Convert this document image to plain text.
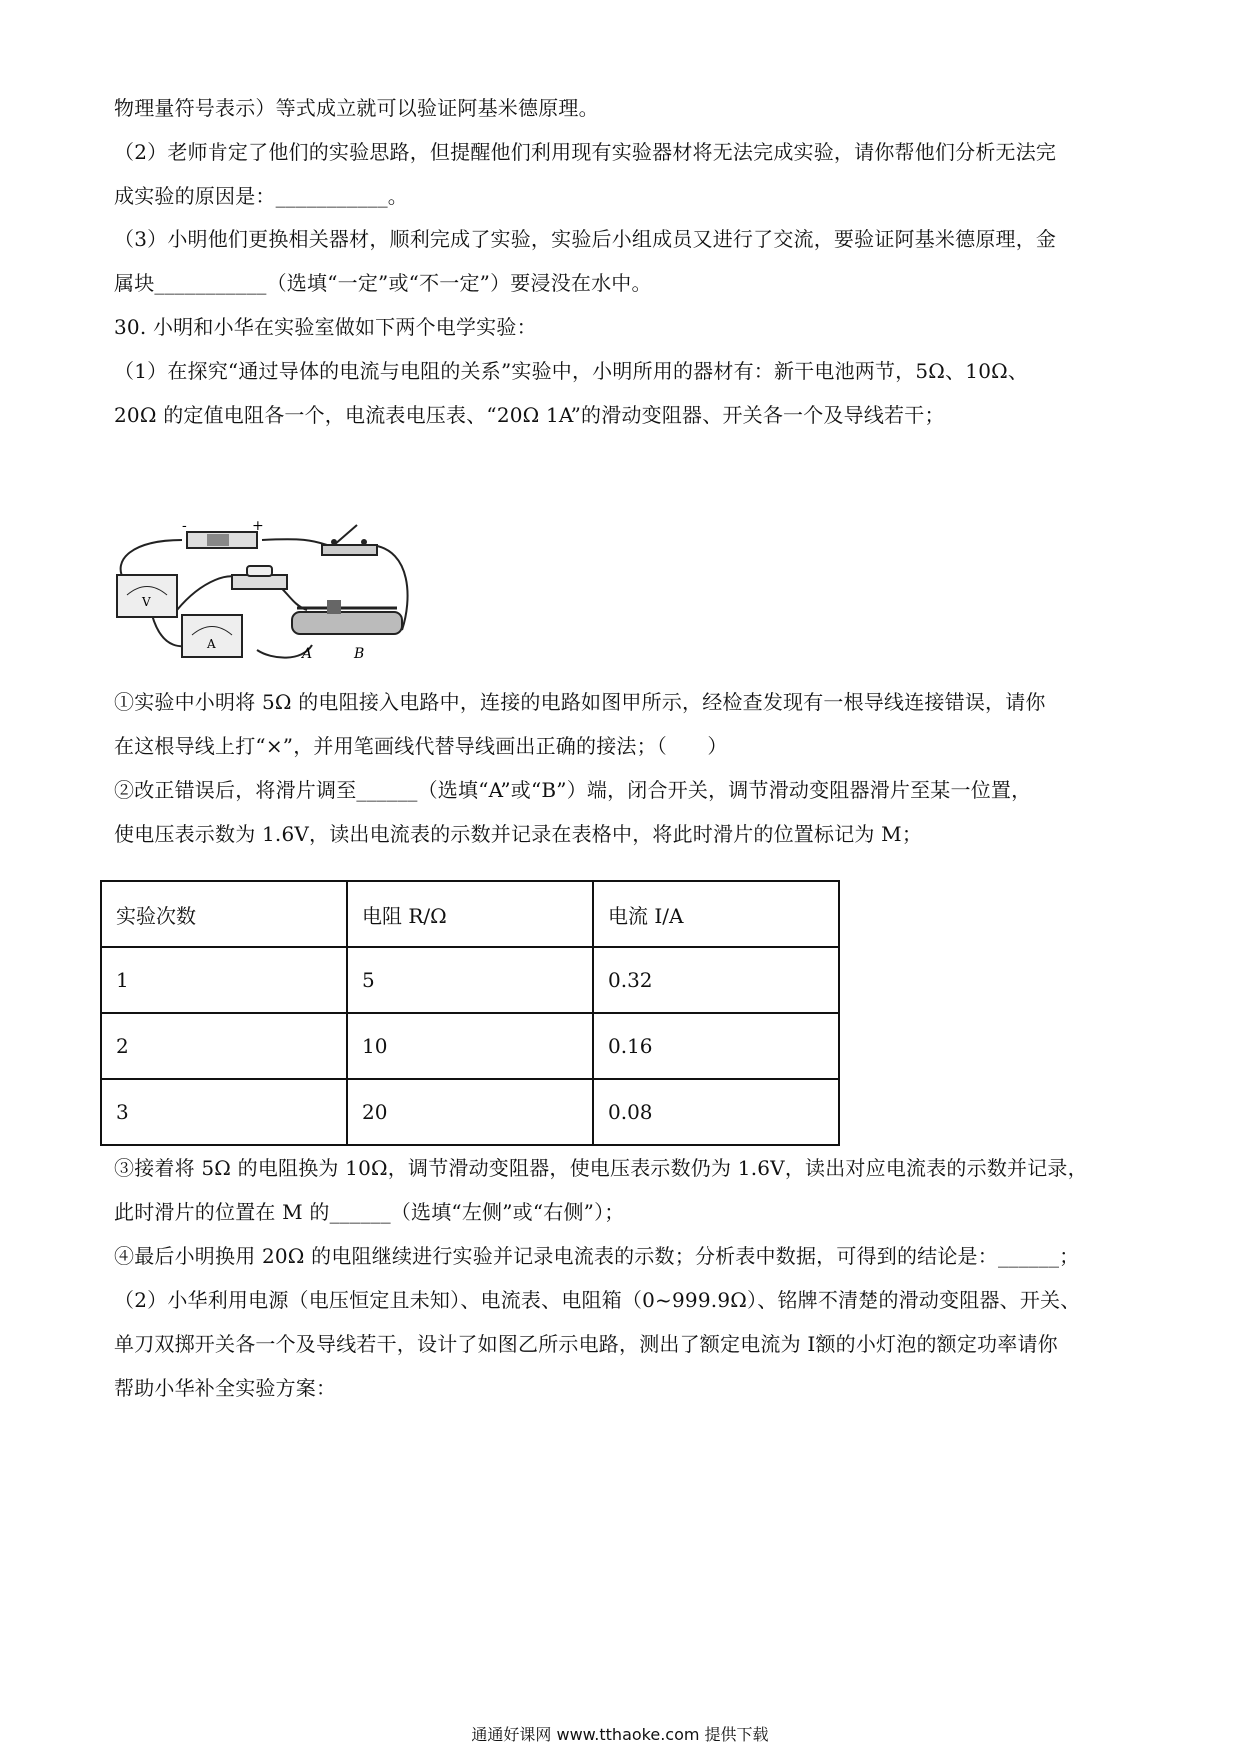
物理量符号表示）等式成立就可以验证阿基米德原理。
（2）老师肯定了他们的实验思路，但提醒他们利用现有实验器材将无法完成实验，请你帮他们分析无法完
成实验的原因是：___________。
（3）小明他们更换相关器材，顺利完成了实验，实验后小组成员又进行了交流，要验证阿基米德原理，金
属块___________（选填“一定”或“不一定”）要浸没在水中。
30. 小明和小华在实验室做如下两个电学实验：
（1）在探究“通过导体的电流与电阻的关系”实验中，小明所用的器材有：新干电池两节，5Ω、10Ω、
20Ω 的定值电阻各一个，电流表电压表、“20Ω 1A”的滑动变阻器、开关各一个及导线若干；
-	+
V
A
A	B
①实验中小明将 5Ω 的电阻接入电路中，连接的电路如图甲所示，经检查发现有一根导线连接错误，请你
在这根导线上打“×”，并用笔画线代替导线画出正确的接法；（　　）
②改正错误后，将滑片调至______（选填“A”或“B”）端，闭合开关，调节滑动变阻器滑片至某一位置，
使电压表示数为 1.6V，读出电流表的示数并记录在表格中，将此时滑片的位置标记为 M；
实验次数	电阻 R/Ω	电流 I/A
1	5	0.32
2	10	0.16
3	20	0.08
③接着将 5Ω 的电阻换为 10Ω，调节滑动变阻器，使电压表示数仍为 1.6V，读出对应电流表的示数并记录，
此时滑片的位置在 M 的______（选填“左侧”或“右侧”）；
④最后小明换用 20Ω 的电阻继续进行实验并记录电流表的示数；分析表中数据，可得到的结论是：______；
（2）小华利用电源（电压恒定且未知）、电流表、电阻箱（0~999.9Ω）、铭牌不清楚的滑动变阻器、开关、
单刀双掷开关各一个及导线若干，设计了如图乙所示电路，测出了额定电流为 I额的小灯泡的额定功率请你
帮助小华补全实验方案：
通通好课网 www.tthaoke.com 提供下载
